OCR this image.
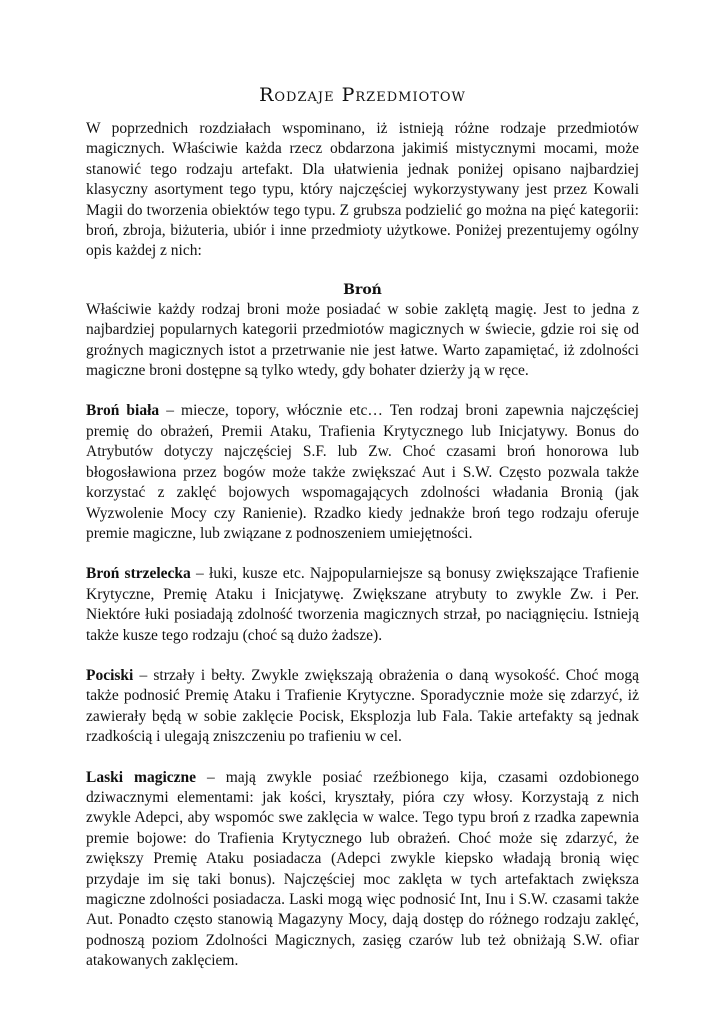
Rodzaje Przedmiotow

W poprzednich rozdziałach wspominano, iż istnieją różne rodzaje przedmiotów magicznych. Właściwie każda rzecz obdarzona jakimiś mistycznymi mocami, może stanowić tego rodzaju artefakt. Dla ułatwienia jednak poniżej opisano najbardziej klasyczny asortyment tego typu, który najczęściej wykorzystywany jest przez Kowali Magii do tworzenia obiektów tego typu. Z grubsza podzielić go można na pięć kategorii: broń, zbroja, biżuteria, ubiór i inne przedmioty użytkowe. Poniżej prezentujemy ogólny opis każdej z nich:

Broń

Właściwie każdy rodzaj broni może posiadać w sobie zaklętą magię. Jest to jedna z najbardziej popularnych kategorii przedmiotów magicznych w świecie, gdzie roi się od groźnych magicznych istot a przetrwanie nie jest łatwe. Warto zapamiętać, iż zdolności magiczne broni dostępne są tylko wtedy, gdy bohater dzierży ją w ręce.

Broń biała – miecze, topory, włócznie etc… Ten rodzaj broni zapewnia najczęściej premię do obrażeń, Premii Ataku, Trafienia Krytycznego lub Inicjatywy. Bonus do Atrybutów dotyczy najczęściej S.F. lub Zw. Choć czasami broń honorowa lub błogosławiona przez bogów może także zwiększać Aut i S.W. Często pozwala także korzystać z zaklęć bojowych wspomagających zdolności władania Bronią (jak Wyzwolenie Mocy czy Ranienie). Rzadko kiedy jednakże broń tego rodzaju oferuje premie magiczne, lub związane z podnoszeniem umiejętności.

Broń strzelecka – łuki, kusze etc. Najpopularniejsze są bonusy zwiększające Trafienie Krytyczne, Premię Ataku i Inicjatywę. Zwiększane atrybuty to zwykle Zw. i Per. Niektóre łuki posiadają zdolność tworzenia magicznych strzał, po naciągnięciu. Istnieją także kusze tego rodzaju (choć są dużo żadsze).

Pociski – strzały i bełty. Zwykle zwiększają obrażenia o daną wysokość. Choć mogą także podnosić Premię Ataku i Trafienie Krytyczne. Sporadycznie może się zdarzyć, iż zawierały będą w sobie zaklęcie Pocisk, Eksplozja lub Fala. Takie artefakty są jednak rzadkością i ulegają zniszczeniu po trafieniu w cel.

Laski magiczne – mają zwykle posiać rzeźbionego kija, czasami ozdobionego dziwacznymi elementami: jak kości, kryształy, pióra czy włosy. Korzystają z nich zwykle Adepci, aby wspomóc swe zaklęcia w walce. Tego typu broń z rzadka zapewnia premie bojowe: do Trafienia Krytycznego lub obrażeń. Choć może się zdarzyć, że zwiększy Premię Ataku posiadacza (Adepci zwykle kiepsko władają bronią więc przydaje im się taki bonus). Najczęściej moc zaklęta w tych artefaktach zwiększa magiczne zdolności posiadacza. Laski mogą więc podnosić Int, Inu i S.W. czasami także Aut. Ponadto często stanowią Magazyny Mocy, dają dostęp do różnego rodzaju zaklęć, podnoszą poziom Zdolności Magicznych, zasięg czarów lub też obniżają S.W. ofiar atakowanych zaklęciem.
